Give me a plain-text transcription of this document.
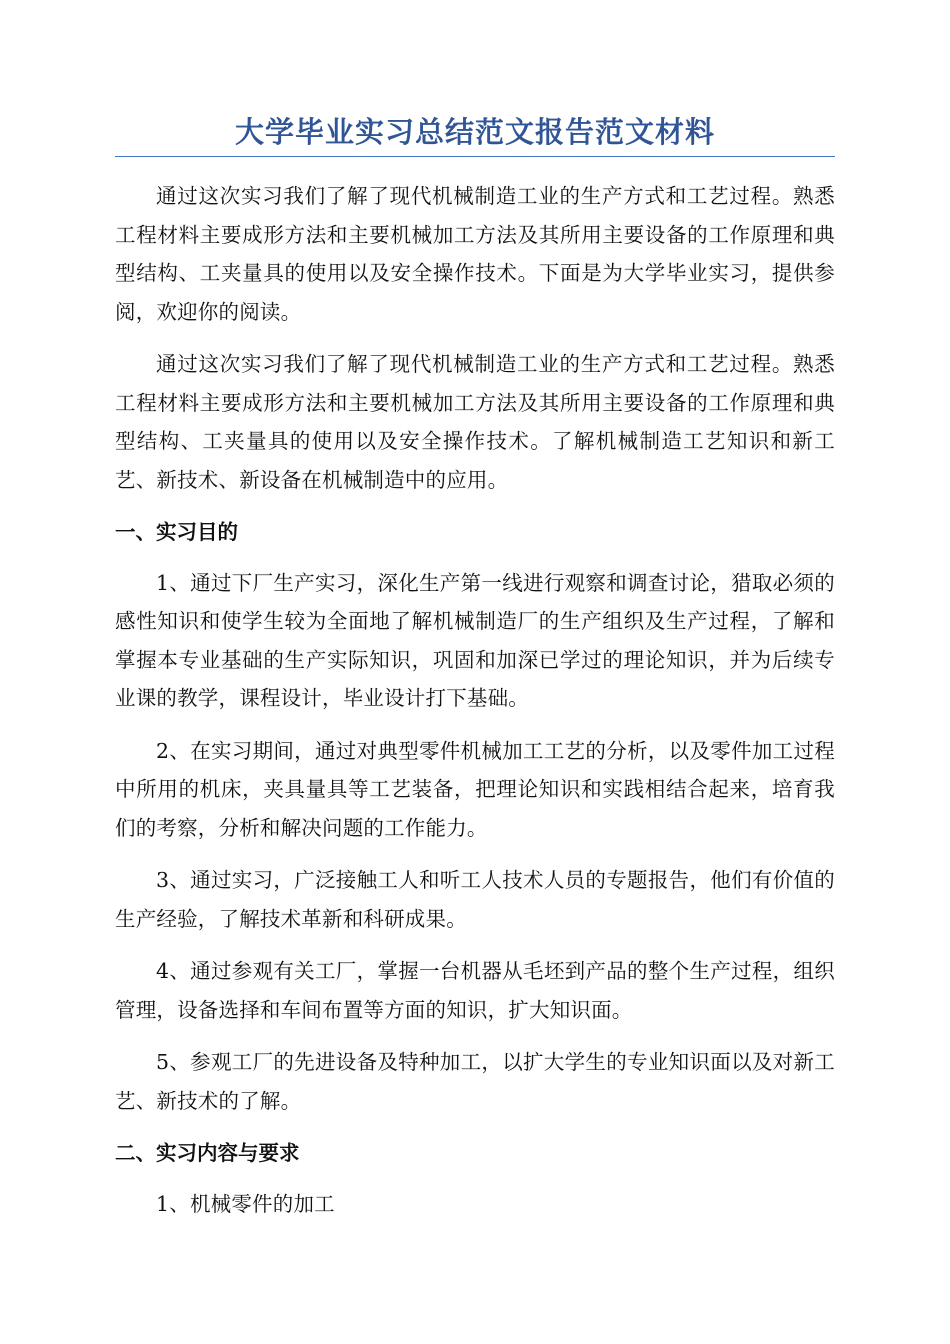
大学毕业实习总结范文报告范文材料

通过这次实习我们了解了现代机械制造工业的生产方式和工艺过程。熟悉工程材料主要成形方法和主要机械加工方法及其所用主要设备的工作原理和典型结构、工夹量具的使用以及安全操作技术。下面是为大学毕业实习，提供参阅，欢迎你的阅读。

通过这次实习我们了解了现代机械制造工业的生产方式和工艺过程。熟悉工程材料主要成形方法和主要机械加工方法及其所用主要设备的工作原理和典型结构、工夹量具的使用以及安全操作技术。了解机械制造工艺知识和新工艺、新技术、新设备在机械制造中的应用。

一、实习目的

1、通过下厂生产实习，深化生产第一线进行观察和调查讨论，猎取必须的感性知识和使学生较为全面地了解机械制造厂的生产组织及生产过程，了解和掌握本专业基础的生产实际知识，巩固和加深已学过的理论知识，并为后续专业课的教学，课程设计，毕业设计打下基础。

2、在实习期间，通过对典型零件机械加工工艺的分析，以及零件加工过程中所用的机床，夹具量具等工艺装备，把理论知识和实践相结合起来，培育我们的考察，分析和解决问题的工作能力。

3、通过实习，广泛接触工人和听工人技术人员的专题报告，他们有价值的生产经验，了解技术革新和科研成果。

4、通过参观有关工厂，掌握一台机器从毛坯到产品的整个生产过程，组织管理，设备选择和车间布置等方面的知识，扩大知识面。

5、参观工厂的先进设备及特种加工，以扩大学生的专业知识面以及对新工艺、新技术的了解。

二、实习内容与要求

1、机械零件的加工
